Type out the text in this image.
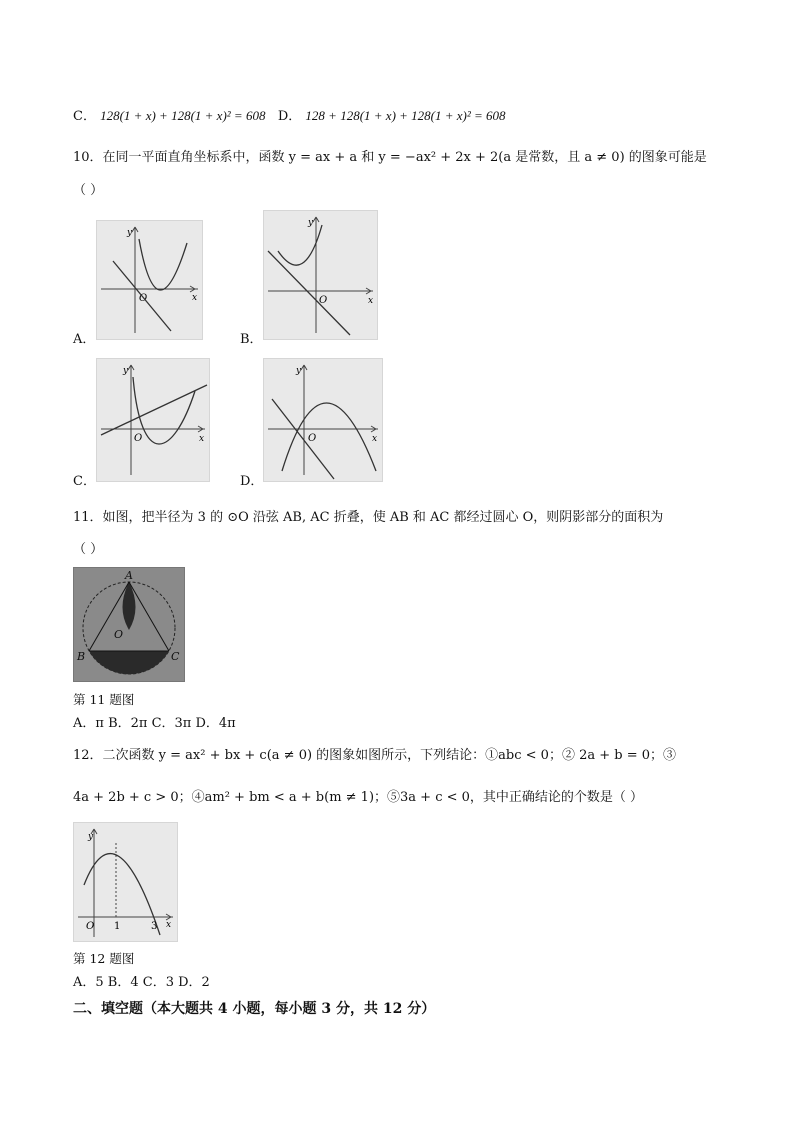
C． 128(1 + x) + 128(1 + x)² = 608 D． 128 + 128(1 + x) + 128(1 + x)² = 608
10．在同一平面直角坐标系中，函数 y = ax + a 和 y = −ax² + 2x + 2(a 是常数，且 a ≠ 0) 的图象可能是
（ ）
A．
x
y
O
B．
x
y
O
C．
x
y
O
D．
x
y
O
11．如图，把半径为 3 的 ⊙O 沿弦 AB, AC 折叠，使 AB 和 AC 都经过圆心 O，则阴影部分的面积为
（ ）
A
B	C
O
第 11 题图
A．π B．2π C．3π D．4π
12．二次函数 y = ax² + bx + c(a ≠ 0) 的图象如图所示，下列结论：①abc < 0；② 2a + b = 0；③
4a + 2b + c > 0；④am² + bm < a + b(m ≠ 1)；⑤3a + c < 0，其中正确结论的个数是（ ）
y
x
O 1	3
第 12 题图
A．5 B．4 C．3 D．2
二、填空题（本大题共 4 小题，每小题 3 分，共 12 分）
